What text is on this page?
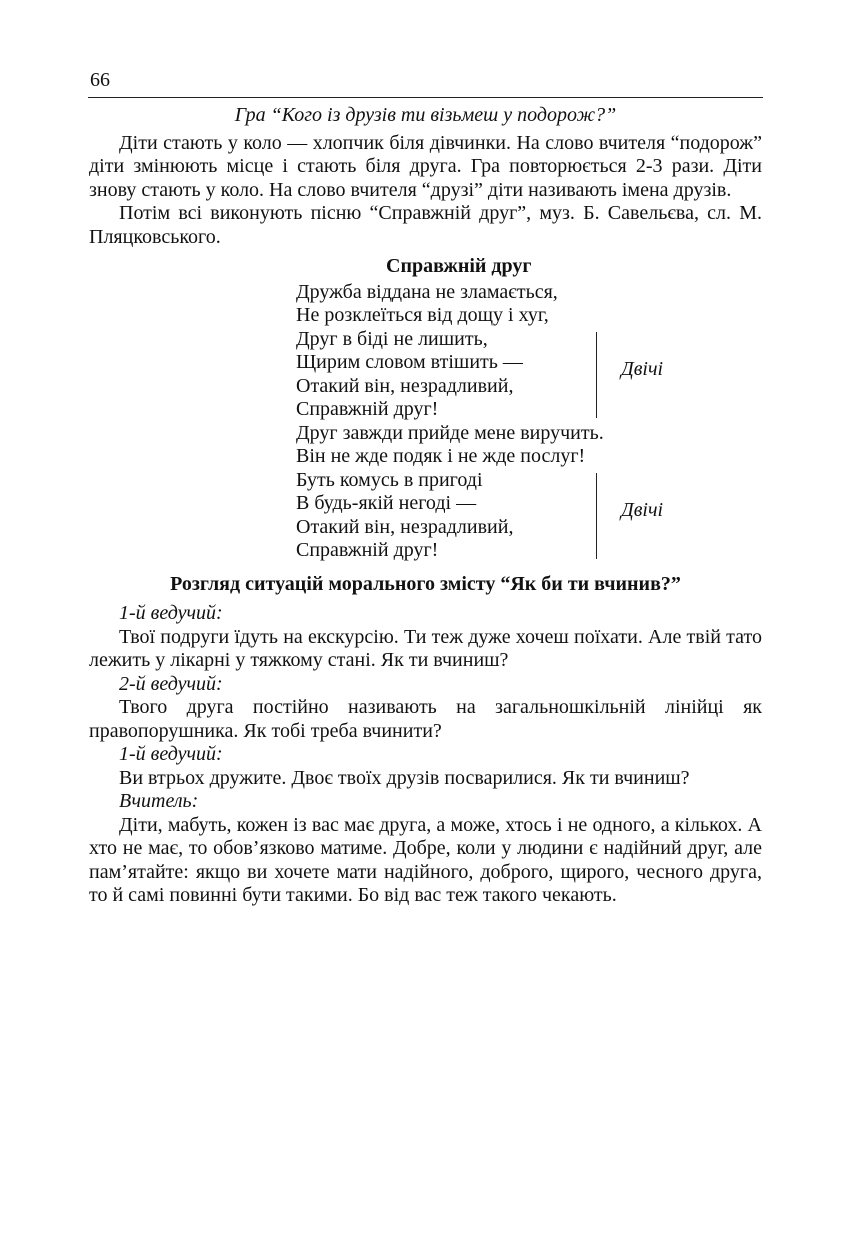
66
Гра “Кого із друзів ти візьмеш у подорож?”

Діти стають у коло — хлопчик біля дівчинки. На слово вчителя “подорож” діти змінюють місце і стають біля друга. Гра повторюється 2-3 рази. Діти знову стають у коло. На слово вчителя “друзі” діти називають імена друзів.

Потім всі виконують пісню “Справжній друг”, муз. Б. Савельєва, сл. М. Пляцковського.

Справжній друг
Дружба віддана не зламається,
Не розклеїться від дощу і хуг,
Друг в біді не лишить,
Щирим словом втішить —
Отакий він, незрадливий,
Справжній друг!
Двічі
Друг завжди прийде мене виручить.
Він не жде подяк і не жде послуг!
Буть комусь в пригоді
В будь-якій негоді —
Отакий він, незрадливий,
Справжній друг!
Двічі
Розгляд ситуацій морального змісту “Як би ти вчинив?”
1-й ведучий:

Твої подруги їдуть на екскурсію. Ти теж дуже хочеш поїхати. Але твій тато лежить у лікарні у тяжкому стані. Як ти вчиниш?

2-й ведучий:

Твого друга постійно називають на загальношкільній лінійці як правопорушника. Як тобі треба вчинити?

1-й ведучий:

Ви втрьох дружите. Двоє твоїх друзів посварилися. Як ти вчиниш?

Вчитель:

Діти, мабуть, кожен із вас має друга, а може, хтось і не одного, а кількох. А хто не має, то обов’язково матиме. Добре, коли у людини є надійний друг, але пам’ятайте: якщо ви хочете мати надійного, доброго, щирого, чесного друга, то й самі повинні бути такими. Бо від вас теж такого чекають.
